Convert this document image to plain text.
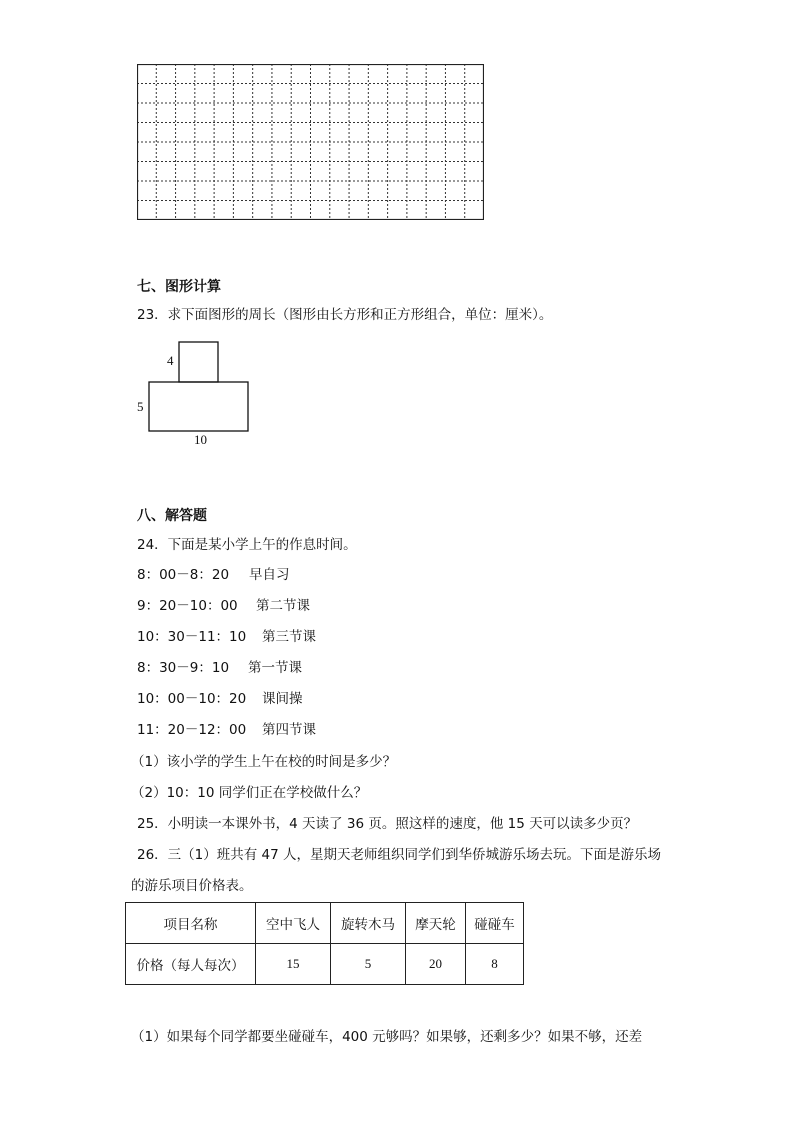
七、图形计算
23．求下面图形的周长（图形由长方形和正方形组合，单位：厘米）。
4
5
10
八、解答题
24．下面是某小学上午的作息时间。
8：00－8：20 早自习
9：20－10：00 第二节课
10：30－11：10 第三节课
8：30－9：10 第一节课
10：00－10：20 课间操
11：20－12：00 第四节课
（1）该小学的学生上午在校的时间是多少？
（2）10：10 同学们正在学校做什么？
25．小明读一本课外书，4 天读了 36 页。照这样的速度，他 15 天可以读多少页？
26．三（1）班共有 47 人，星期天老师组织同学们到华侨城游乐场去玩。下面是游乐场
的游乐项目价格表。
项目名称	空中飞人	旋转木马	摩天轮	碰碰车
价格（每人每次）	15	5	20	8
（1）如果每个同学都要坐碰碰车，400 元够吗？如果够，还剩多少？如果不够，还差
